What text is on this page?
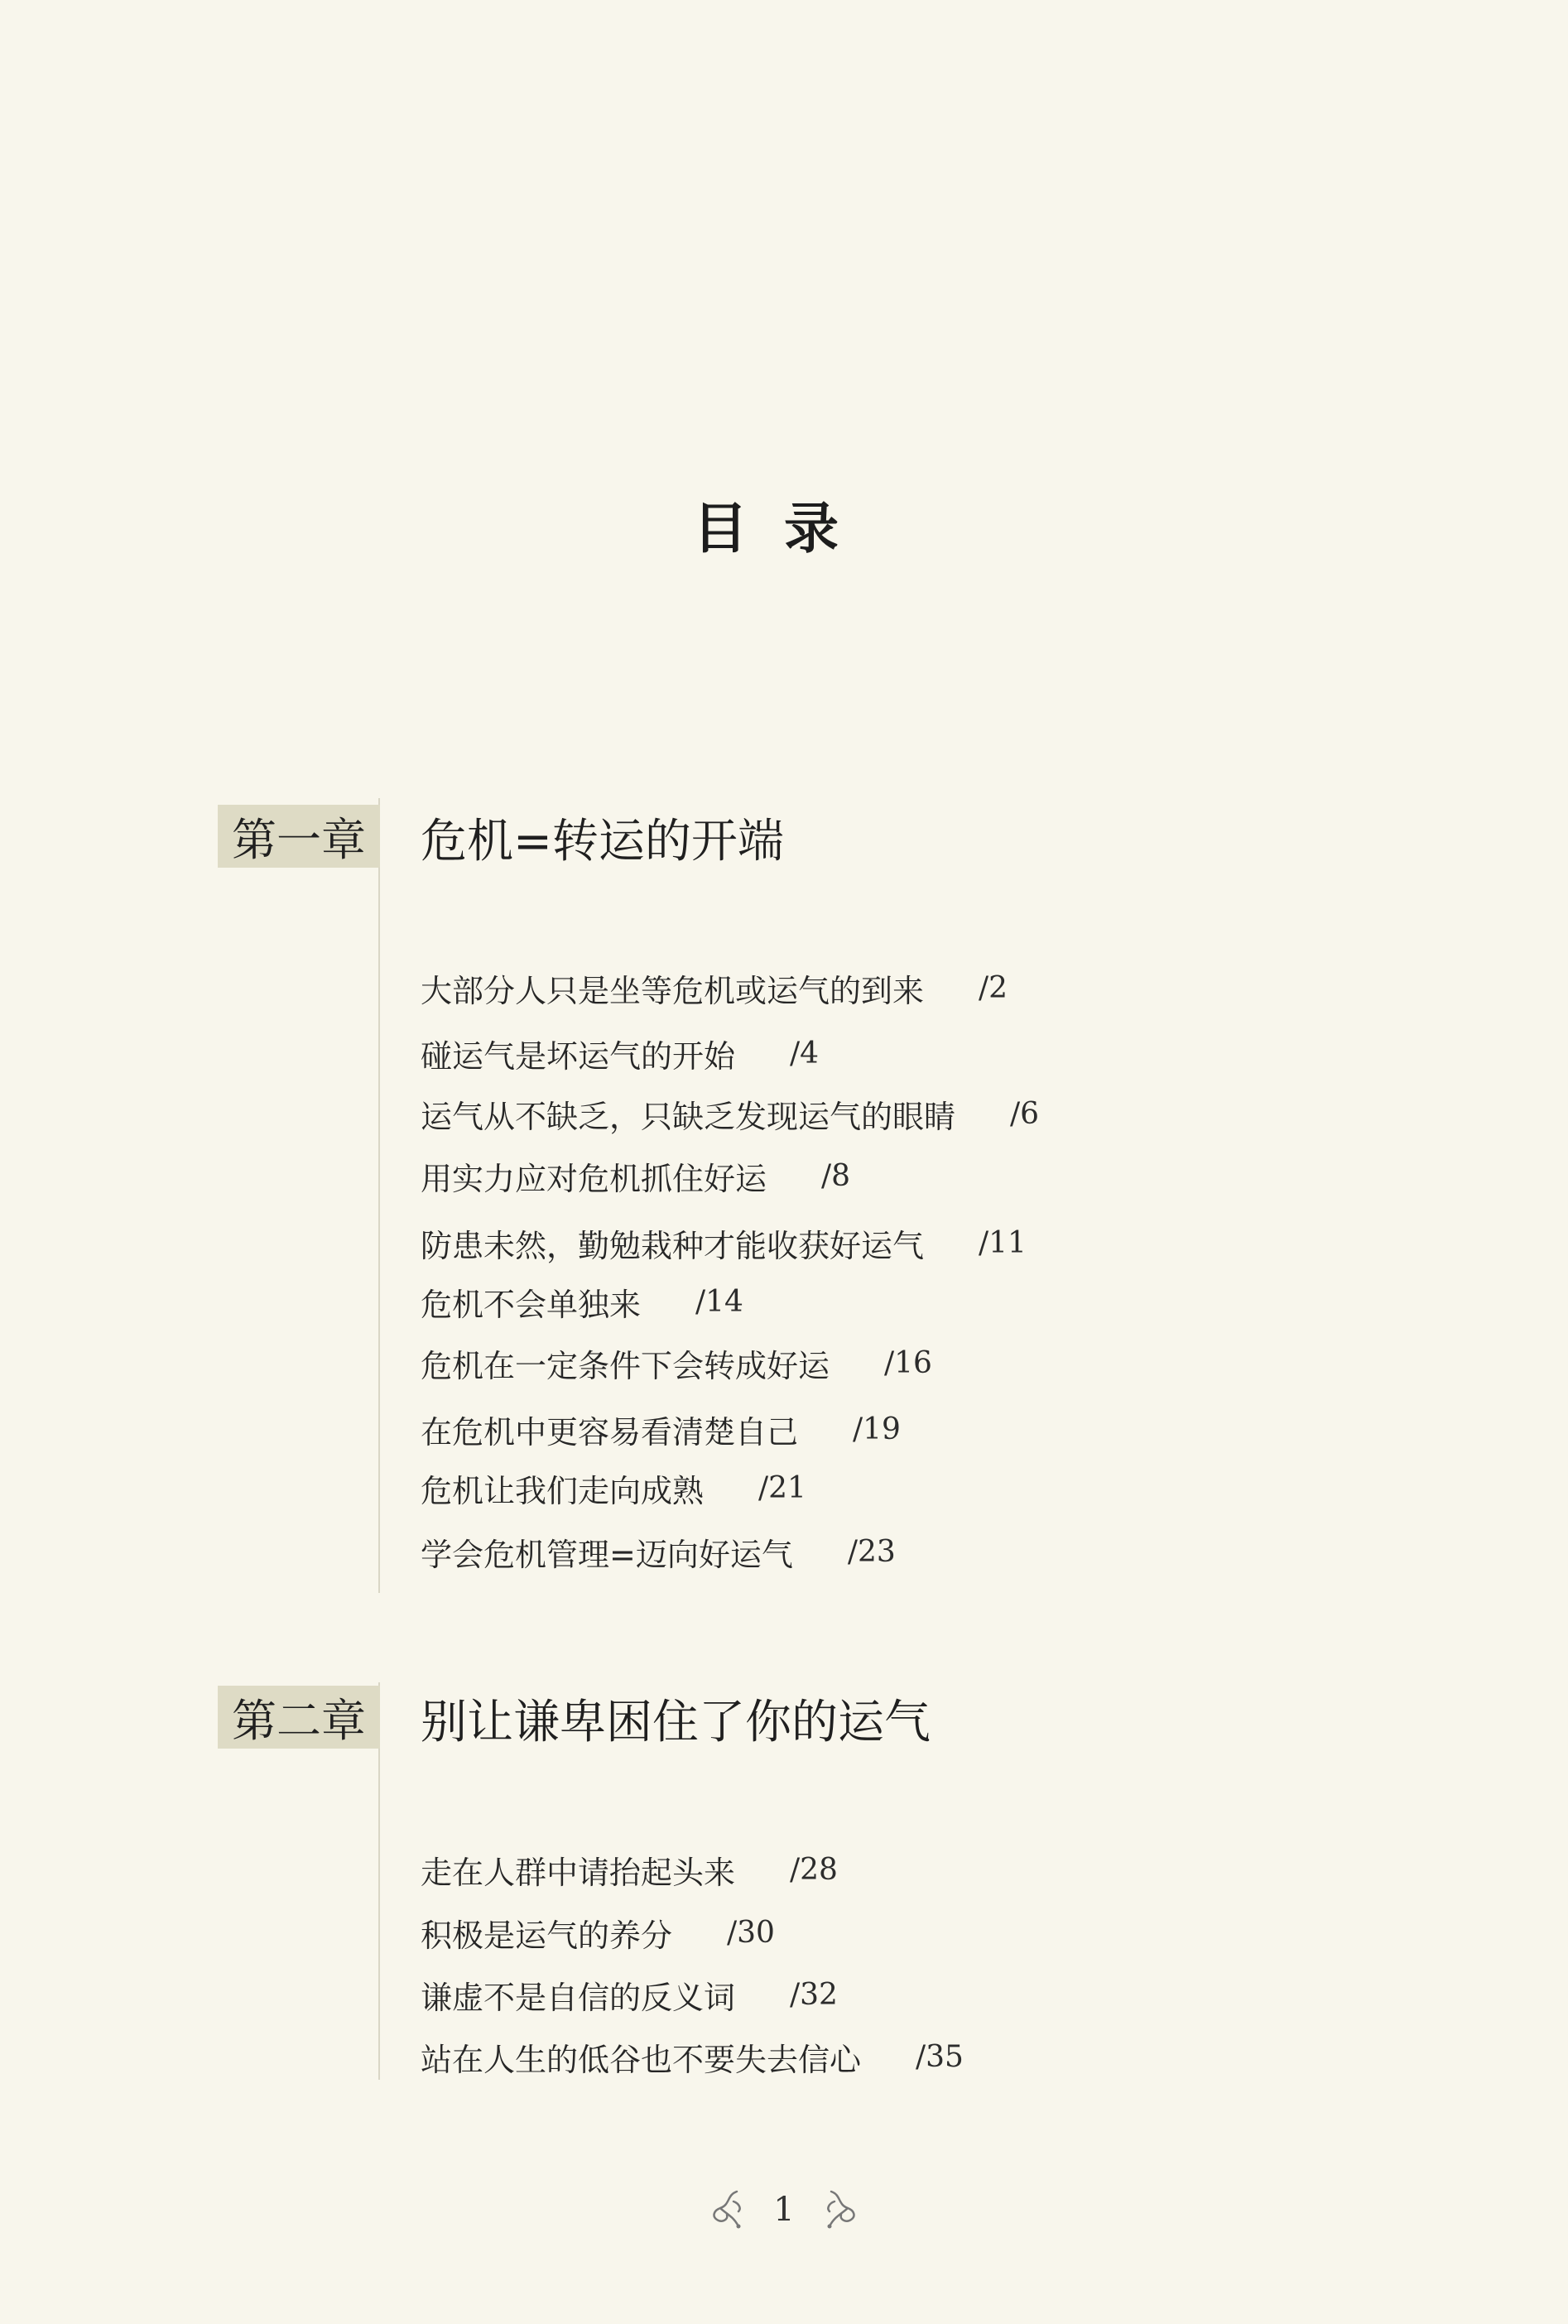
目录
第一章	危机=转运的开端
大部分人只是坐等危机或运气的到来 /2
碰运气是坏运气的开始 /4
运气从不缺乏，只缺乏发现运气的眼睛 /6
用实力应对危机抓住好运 /8
防患未然，勤勉栽种才能收获好运气 /11
危机不会单独来 /14
危机在一定条件下会转成好运 /16
在危机中更容易看清楚自己 /19
危机让我们走向成熟 /21
学会危机管理=迈向好运气 /23
第二章	别让谦卑困住了你的运气
走在人群中请抬起头来 /28
积极是运气的养分 /30
谦虚不是自信的反义词 /32
站在人生的低谷也不要失去信心 /35
1
